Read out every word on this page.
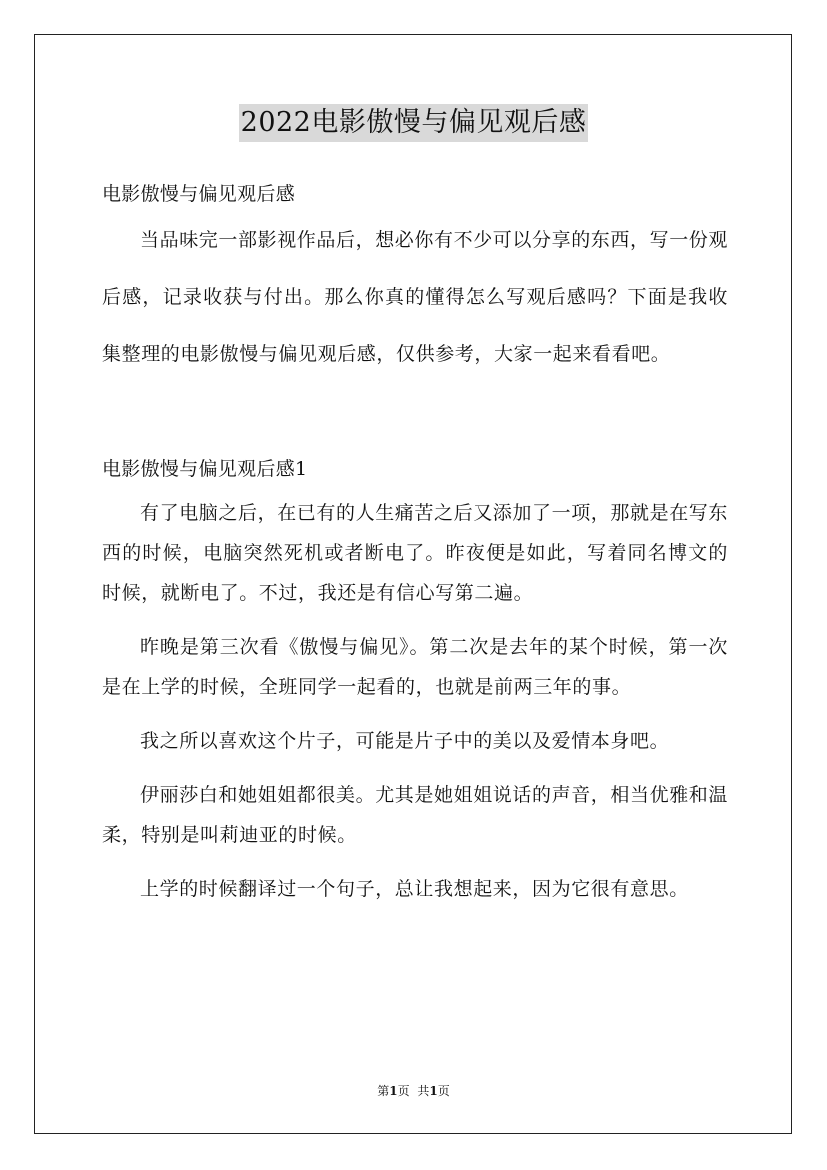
2022电影傲慢与偏见观后感

电影傲慢与偏见观后感

当品味完一部影视作品后，想必你有不少可以分享的东西，写一份观后感，记录收获与付出。那么你真的懂得怎么写观后感吗？下面是我收集整理的电影傲慢与偏见观后感，仅供参考，大家一起来看看吧。

电影傲慢与偏见观后感1

有了电脑之后，在已有的人生痛苦之后又添加了一项，那就是在写东西的时候，电脑突然死机或者断电了。昨夜便是如此，写着同名博文的时候，就断电了。不过，我还是有信心写第二遍。

昨晚是第三次看《傲慢与偏见》。第二次是去年的某个时候，第一次是在上学的时候，全班同学一起看的，也就是前两三年的事。

我之所以喜欢这个片子，可能是片子中的美以及爱情本身吧。

伊丽莎白和她姐姐都很美。尤其是她姐姐说话的声音，相当优雅和温柔，特别是叫莉迪亚的时候。

上学的时候翻译过一个句子，总让我想起来，因为它很有意思。

第1页 共1页
